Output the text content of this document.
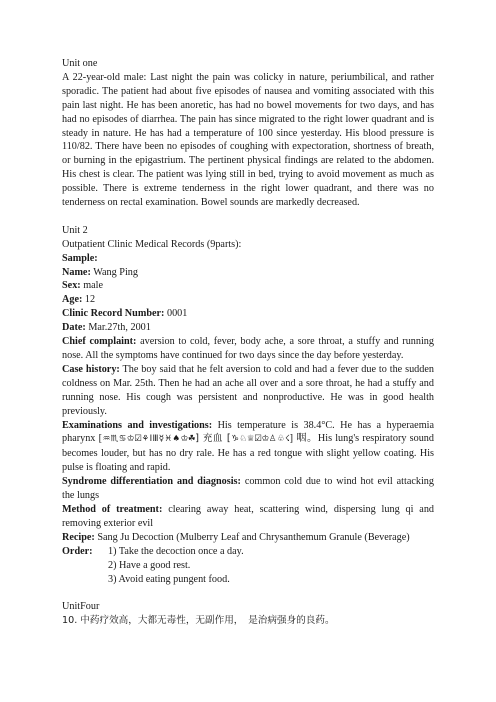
Unit one

A 22-year-old male: Last night the pain was colicky in nature, periumbilical, and rather sporadic. The patient had about five episodes of nausea and vomiting associated with this pain last night. He has been anoretic, has had no bowel movements for two days, and has had no episodes of diarrhea. The pain has since migrated to the right lower quadrant and is steady in nature. He has had a temperature of 100 since yesterday. His blood pressure is 110/82. There have been no episodes of coughing with expectoration, shortness of breath, or burning in the epigastrium. The pertinent physical findings are related to the abdomen. His chest is clear. The patient was lying still in bed, trying to avoid movement as much as possible. There is extreme tenderness in the right lower quadrant, and there was no tenderness on rectal examination. Bowel sounds are markedly decreased.

Unit 2

Outpatient Clinic Medical Records (9parts):

Sample:

Name: Wang Ping

Sex: male

Age: 12

Clinic Record Number: 0001

Date: Mar.27th, 2001

Chief complaint: aversion to cold, fever, body ache, a sore throat, a stuffy and running nose. All the symptoms have continued for two days since the day before yesterday.

Case history: The boy said that he felt aversion to cold and had a fever due to the sudden coldness on Mar. 25th. Then he had an ache all over and a sore throat, he had a stuffy and running nose. His cough was persistent and nonproductive. He was in good health previously.

Examinations and investigations: His temperature is 38.4°C. He has a hyperaemia pharynx [♒♏♋♔☑⚘ⅠⅢ☿♓♠♔☘] 充血 [♑♘♕☑♔♙♧☇] 咽。His lung's respiratory sound becomes louder, but has no dry rale. He has a red tongue with slight yellow coating. His pulse is floating and rapid.

Syndrome differentiation and diagnosis: common cold due to wind hot evil attacking the lungs

Method of treatment: clearing away heat, scattering wind, dispersing lung qi and removing exterior evil

Recipe: Sang Ju Decoction (Mulberry Leaf and Chrysanthemum Granule (Beverage)

Order:	1) Take the decoction once a day.
2) Have a good rest.
3) Avoid eating pungent food.

UnitFour

10. 中药疗效高，大都无毒性，无副作用，　是治病强身的良药。
